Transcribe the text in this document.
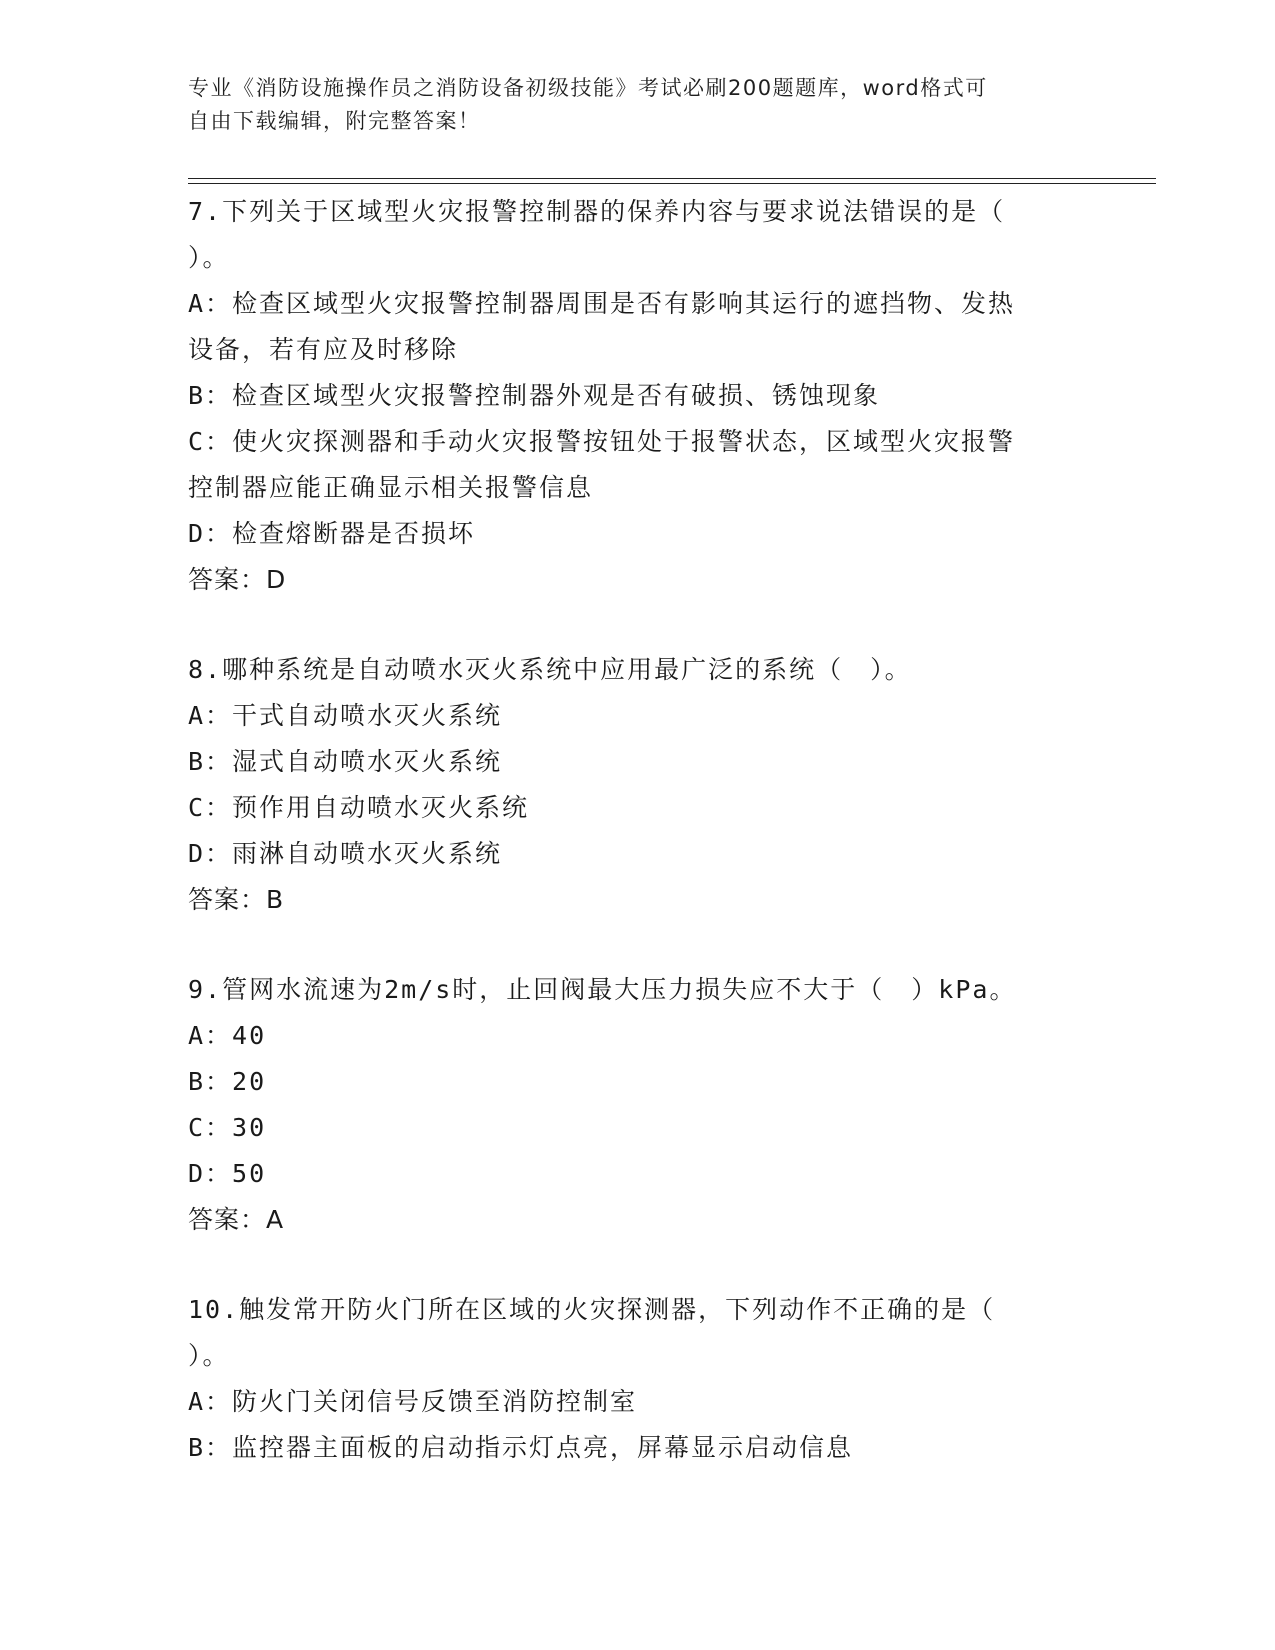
专业《消防设施操作员之消防设备初级技能》考试必刷200题题库，word格式可
自由下载编辑，附完整答案！
7.下列关于区域型火灾报警控制器的保养内容与要求说法错误的是（
）。
A：检查区域型火灾报警控制器周围是否有影响其运行的遮挡物、发热
设备，若有应及时移除
B：检查区域型火灾报警控制器外观是否有破损、锈蚀现象
C：使火灾探测器和手动火灾报警按钮处于报警状态，区域型火灾报警
控制器应能正确显示相关报警信息
D：检查熔断器是否损坏
答案：D
8.哪种系统是自动喷水灭火系统中应用最广泛的系统（　）。
A：干式自动喷水灭火系统
B：湿式自动喷水灭火系统
C：预作用自动喷水灭火系统
D：雨淋自动喷水灭火系统
答案：B
9.管网水流速为2m/s时，止回阀最大压力损失应不大于（　）kPa。
A：40
B：20
C：30
D：50
答案：A
10.触发常开防火门所在区域的火灾探测器，下列动作不正确的是（
）。
A：防火门关闭信号反馈至消防控制室
B：监控器主面板的启动指示灯点亮，屏幕显示启动信息
